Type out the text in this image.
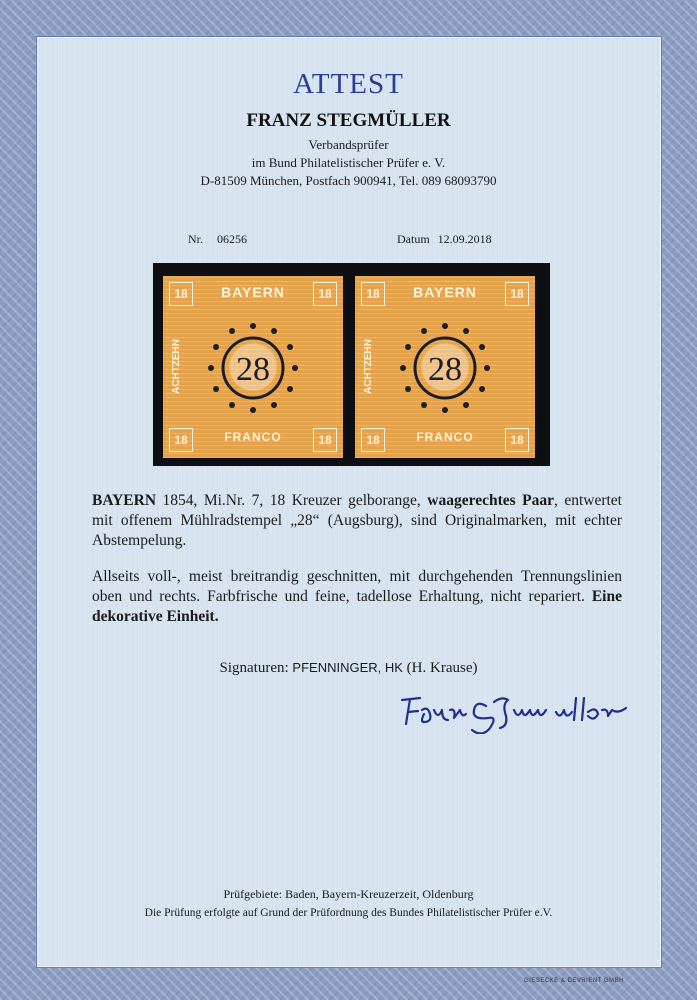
ATTEST
FRANZ STEGMÜLLER
Verbandsprüfer
im Bund Philatelistischer Prüfer e. V.
D-81509 München, Postfach 900941, Tel. 089 68093790
Nr. 06256	Datum 12.09.2018
18	18
18	18
BAYERN
ACHTZEHN
FRANCO
28
18	18
18	18
BAYERN
ACHTZEHN
FRANCO
28
BAYERN 1854, Mi.Nr. 7, 18 Kreuzer gelborange, waagerechtes Paar, entwertet mit offenem Mühlradstempel „28“ (Augsburg), sind Originalmarken, mit echter Abstempelung.
Allseits voll-, meist breitrandig geschnitten, mit durchgehenden Trennungslinien oben und rechts. Farbfrische und feine, tadellose Erhaltung, nicht repariert. Eine dekorative Einheit.
Signaturen: PFENNINGER, HK (H. Krause)
Prüfgebiete: Baden, Bayern-Kreuzerzeit, Oldenburg
Die Prüfung erfolgte auf Grund der Prüfordnung des Bundes Philatelistischer Prüfer e.V.
GIESECKE & DEVRIENT GMBH
